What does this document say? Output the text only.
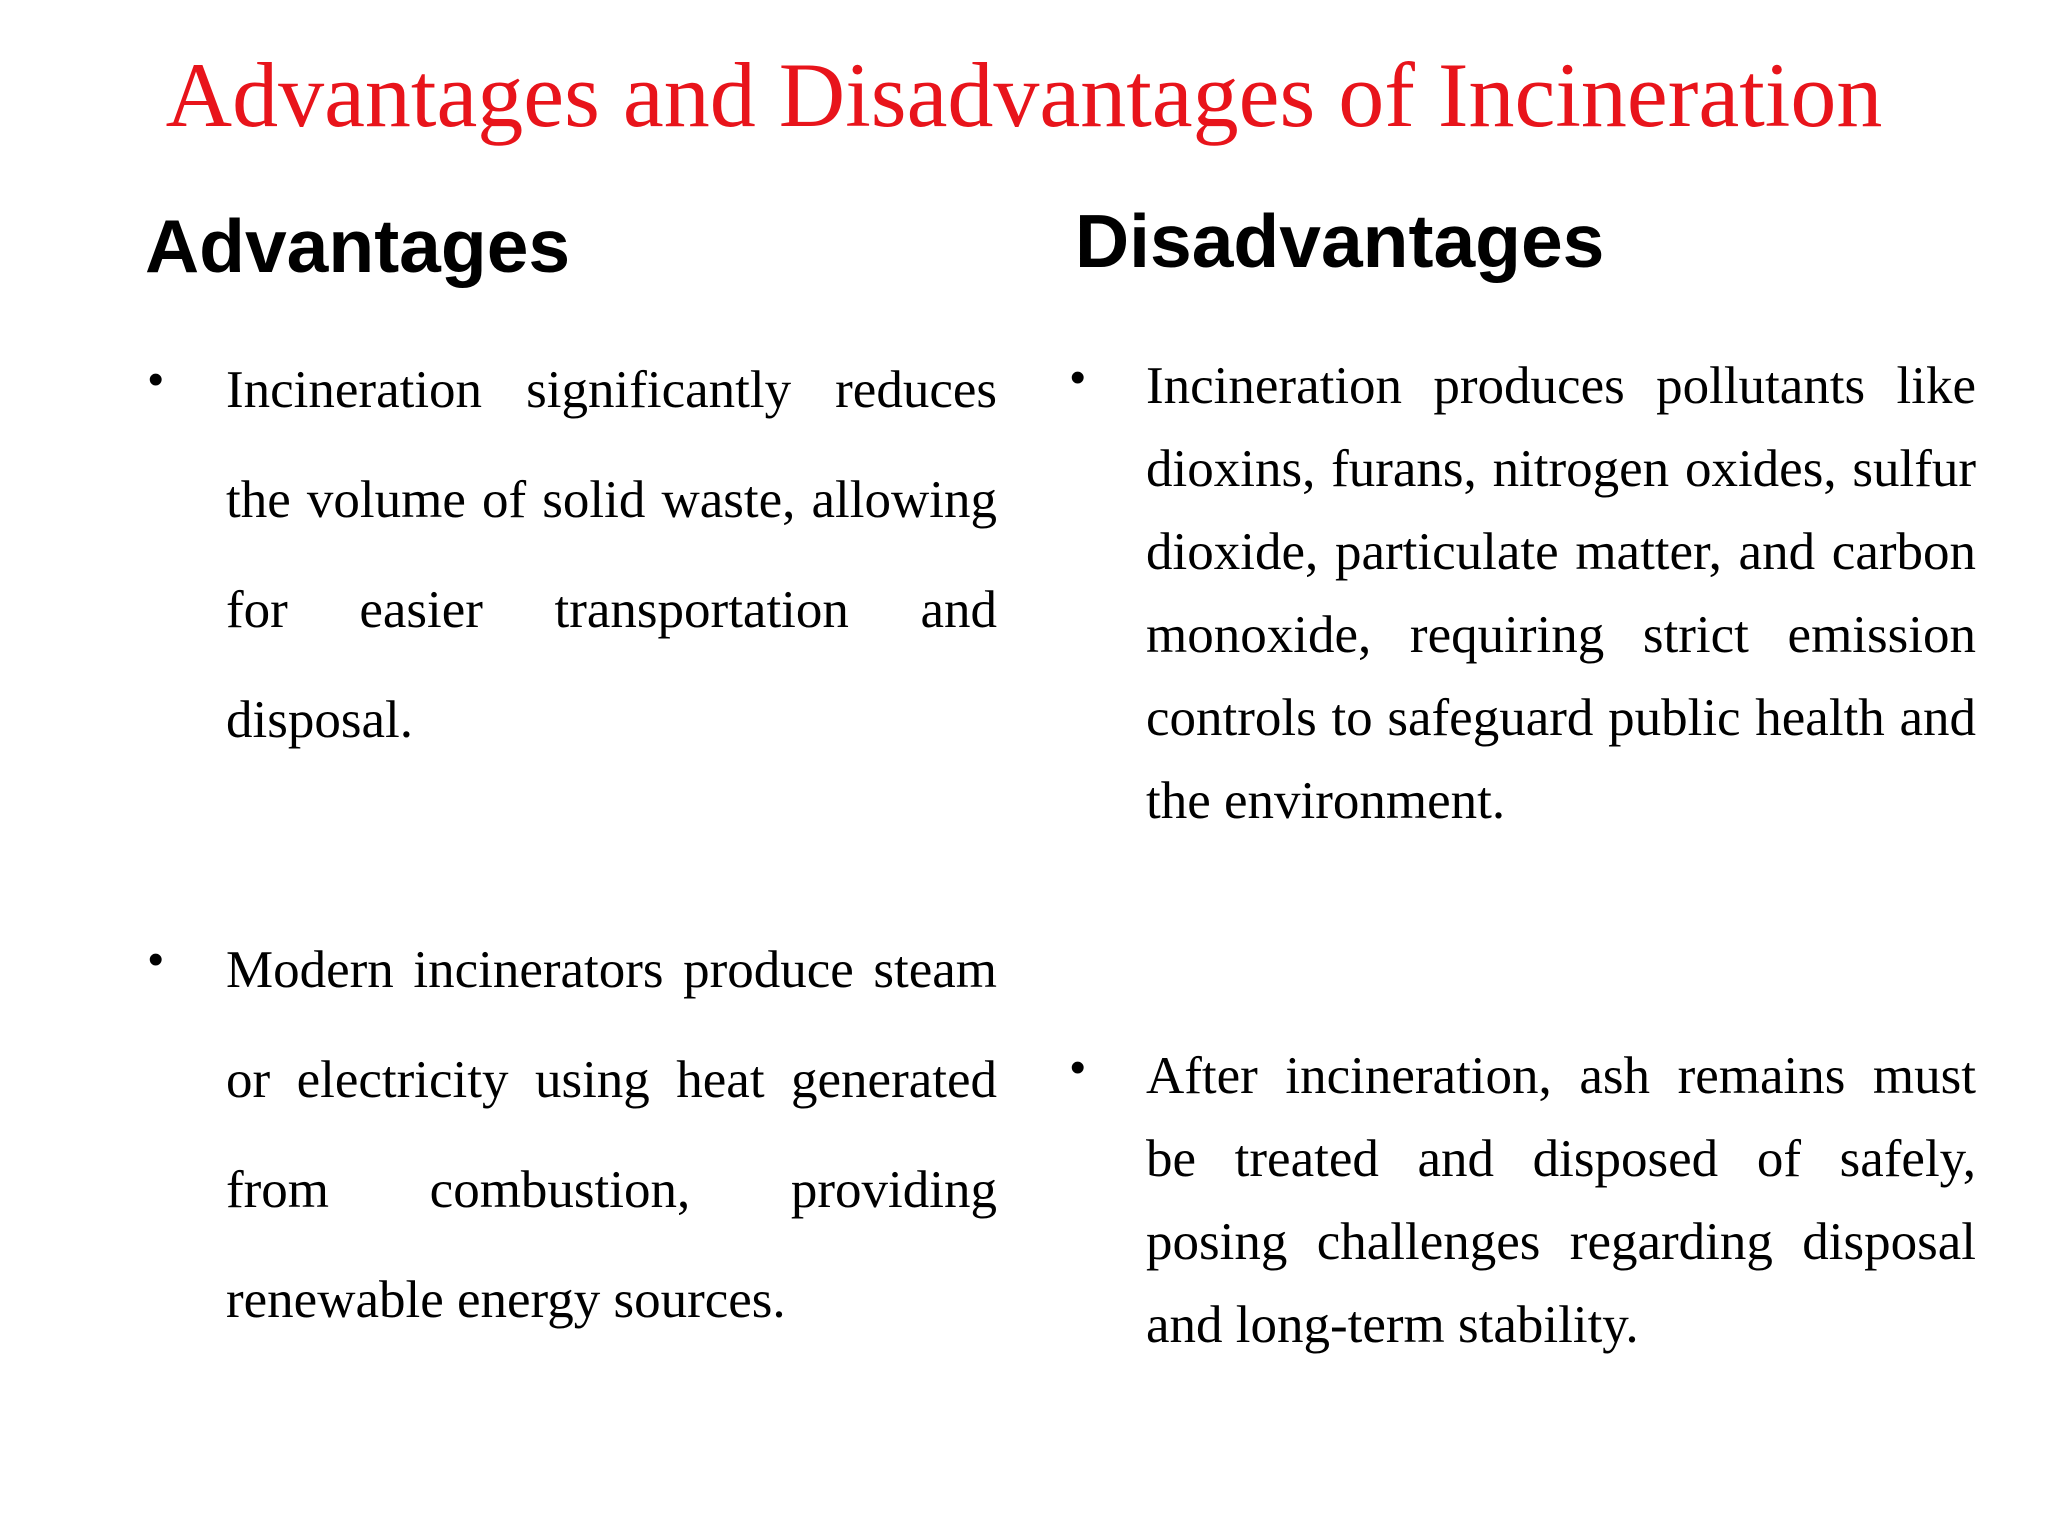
Advantages and Disadvantages of Incineration
Advantages	Disadvantages
• Incineration significantly reduces the volume of solid waste, allowing for easier transportation and disposal.

• Modern incinerators produce steam or electricity using heat generated from combustion, providing renewable energy sources.

• Incineration produces pollutants like dioxins, furans, nitrogen oxides, sulfur dioxide, particulate matter, and carbon monoxide, requiring strict emission controls to safeguard public health and the environment.

• After incineration, ash remains must be treated and disposed of safely, posing challenges regarding disposal and long-term stability.
